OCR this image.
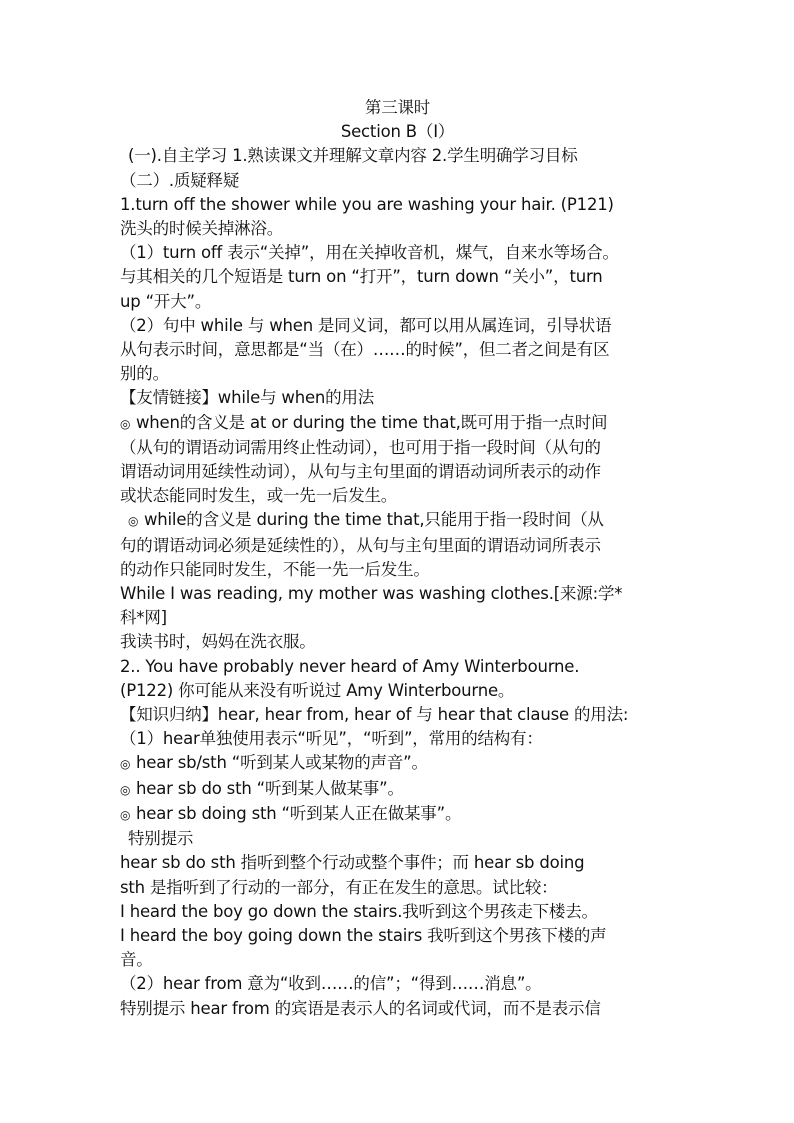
第三课时

Section B（I）

(一).自主学习 1.熟读课文并理解文章内容 2.学生明确学习目标

（二）.质疑释疑

1.turn off the shower while you are washing your hair. (P121)

洗头的时候关掉淋浴。

（1）turn off 表示“关掉”，用在关掉收音机，煤气，自来水等场合。

与其相关的几个短语是 turn on “打开”，turn down “关小”，turn

up “开大”。

（2）句中 while 与 when 是同义词，都可以用从属连词，引导状语

从句表示时间，意思都是“当（在）……的时候”，但二者之间是有区

别的。

【友情链接】while与 when的用法

◎ when的含义是 at or during the time that,既可用于指一点时间

（从句的谓语动词需用终止性动词），也可用于指一段时间（从句的

谓语动词用延续性动词），从句与主句里面的谓语动词所表示的动作

或状态能同时发生，或一先一后发生。

◎ while的含义是 during the time that,只能用于指一段时间（从

句的谓语动词必须是延续性的），从句与主句里面的谓语动词所表示

的动作只能同时发生，不能一先一后发生。

While I was reading, my mother was washing clothes.[来源:学*

科*网]

我读书时，妈妈在洗衣服。

2.. You have probably never heard of Amy Winterbourne.

(P122) 你可能从来没有听说过 Amy Winterbourne。

【知识归纳】hear, hear from, hear of 与 hear that clause 的用法:

（1）hear单独使用表示“听见”，“听到”，常用的结构有：

◎ hear sb/sth “听到某人或某物的声音”。

◎ hear sb do sth “听到某人做某事”。

◎ hear sb doing sth “听到某人正在做某事”。

特别提示

hear sb do sth 指听到整个行动或整个事件；而 hear sb doing

sth 是指听到了行动的一部分，有正在发生的意思。试比较：

I heard the boy go down the stairs.我听到这个男孩走下楼去。

I heard the boy going down the stairs 我听到这个男孩下楼的声

音。

（2）hear from 意为“收到……的信”；“得到……消息”。

特别提示 hear from 的宾语是表示人的名词或代词，而不是表示信
